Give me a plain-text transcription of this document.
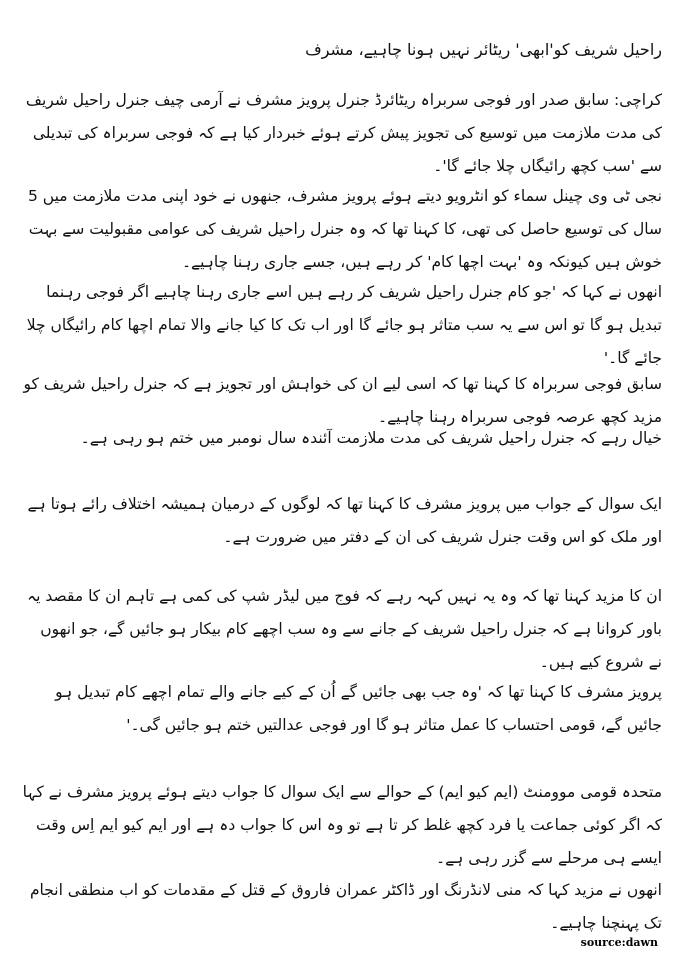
راحیل شریف کو'ابھی' ریٹائر نہیں ہونا چاہیے، مشرف

کراچی: سابق صدر اور فوجی سربراہ ریٹائرڈ جنرل پرویز مشرف نے آرمی چیف جنرل راحیل شریف کی مدت ملازمت میں توسیع کی تجویز پیش کرتے ہوئے خبردار کیا ہے کہ فوجی سربراہ کی تبدیلی سے 'سب کچھ رائیگاں چلا جائے گا'۔

نجی ٹی وی چینل سماء کو انٹرویو دیتے ہوئے پرویز مشرف، جنھوں نے خود اپنی مدت ملازمت میں 5 سال کی توسیع حاصل کی تھی، کا کہنا تھا کہ وہ جنرل راحیل شریف کی عوامی مقبولیت سے بہت خوش ہیں کیونکہ وہ 'بہت اچھا کام' کر رہے ہیں، جسے جاری رہنا چاہیے۔

انھوں نے کہا کہ 'جو کام جنرل راحیل شریف کر رہے ہیں اسے جاری رہنا چاہیے اگر فوجی رہنما تبدیل ہو گا تو اس سے یہ سب متاثر ہو جائے گا اور اب تک کا کیا جانے والا تمام اچھا کام رائیگاں چلا جائے گا۔'

سابق فوجی سربراہ کا کہنا تھا کہ اسی لیے ان کی خواہش اور تجویز ہے کہ جنرل راحیل شریف کو مزید کچھ عرصہ فوجی سربراہ رہنا چاہیے۔

خیال رہے کہ جنرل راحیل شریف کی مدت ملازمت آئندہ سال نومبر میں ختم ہو رہی ہے۔

ایک سوال کے جواب میں پرویز مشرف کا کہنا تھا کہ لوگوں کے درمیان ہمیشہ اختلاف رائے ہوتا ہے اور ملک کو اس وقت جنرل شریف کی ان کے دفتر میں ضرورت ہے۔

ان کا مزید کہنا تھا کہ وہ یہ نہیں کہہ رہے کہ فوج میں لیڈر شپ کی کمی ہے تاہم ان کا مقصد یہ باور کروانا ہے کہ جنرل راحیل شریف کے جانے سے وہ سب اچھے کام بیکار ہو جائیں گے، جو انھوں نے شروع کیے ہیں۔

پرویز مشرف کا کہنا تھا کہ 'وہ جب بھی جائیں گے اُن کے کیے جانے والے تمام اچھے کام تبدیل ہو جائیں گے، قومی احتساب کا عمل متاثر ہو گا اور فوجی عدالتیں ختم ہو جائیں گی۔'

متحدہ قومی موومنٹ (ایم کیو ایم) کے حوالے سے ایک سوال کا جواب دیتے ہوئے پرویز مشرف نے کہا کہ اگر کوئی جماعت یا فرد کچھ غلط کر تا ہے تو وہ اس کا جواب دہ ہے اور ایم کیو ایم اِس وقت ایسے ہی مرحلے سے گزر رہی ہے۔

انھوں نے مزید کہا کہ منی لانڈرنگ اور ڈاکٹر عمران فاروق کے قتل کے مقدمات کو اب منطقی انجام تک پہنچنا چاہیے۔

source:dawn
